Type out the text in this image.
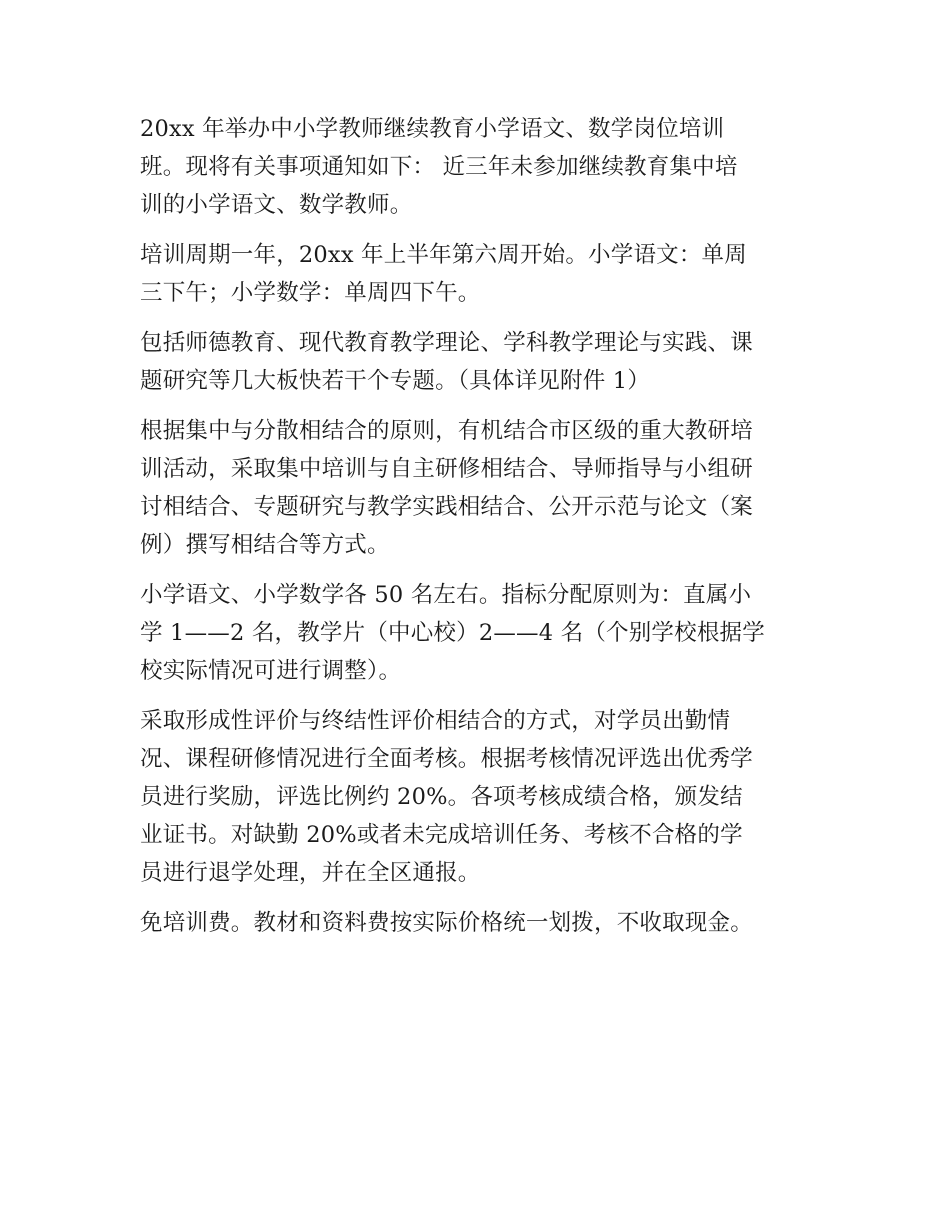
20xx 年举办中小学教师继续教育小学语文、数学岗位培训
班。现将有关事项通知如下： 近三年未参加继续教育集中培
训的小学语文、数学教师。
培训周期一年，20xx 年上半年第六周开始。小学语文：单周
三下午；小学数学：单周四下午。
包括师德教育、现代教育教学理论、学科教学理论与实践、课
题研究等几大板快若干个专题。（具体详见附件 1）
根据集中与分散相结合的原则，有机结合市区级的重大教研培
训活动，采取集中培训与自主研修相结合、导师指导与小组研
讨相结合、专题研究与教学实践相结合、公开示范与论文（案
例）撰写相结合等方式。
小学语文、小学数学各 50 名左右。指标分配原则为：直属小
学 1——2 名，教学片（中心校）2——4 名（个别学校根据学
校实际情况可进行调整）。
采取形成性评价与终结性评价相结合的方式，对学员出勤情
况、课程研修情况进行全面考核。根据考核情况评选出优秀学
员进行奖励，评选比例约 20%。各项考核成绩合格，颁发结
业证书。对缺勤 20%或者未完成培训任务、考核不合格的学
员进行退学处理，并在全区通报。
免培训费。教材和资料费按实际价格统一划拨，不收取现金。
